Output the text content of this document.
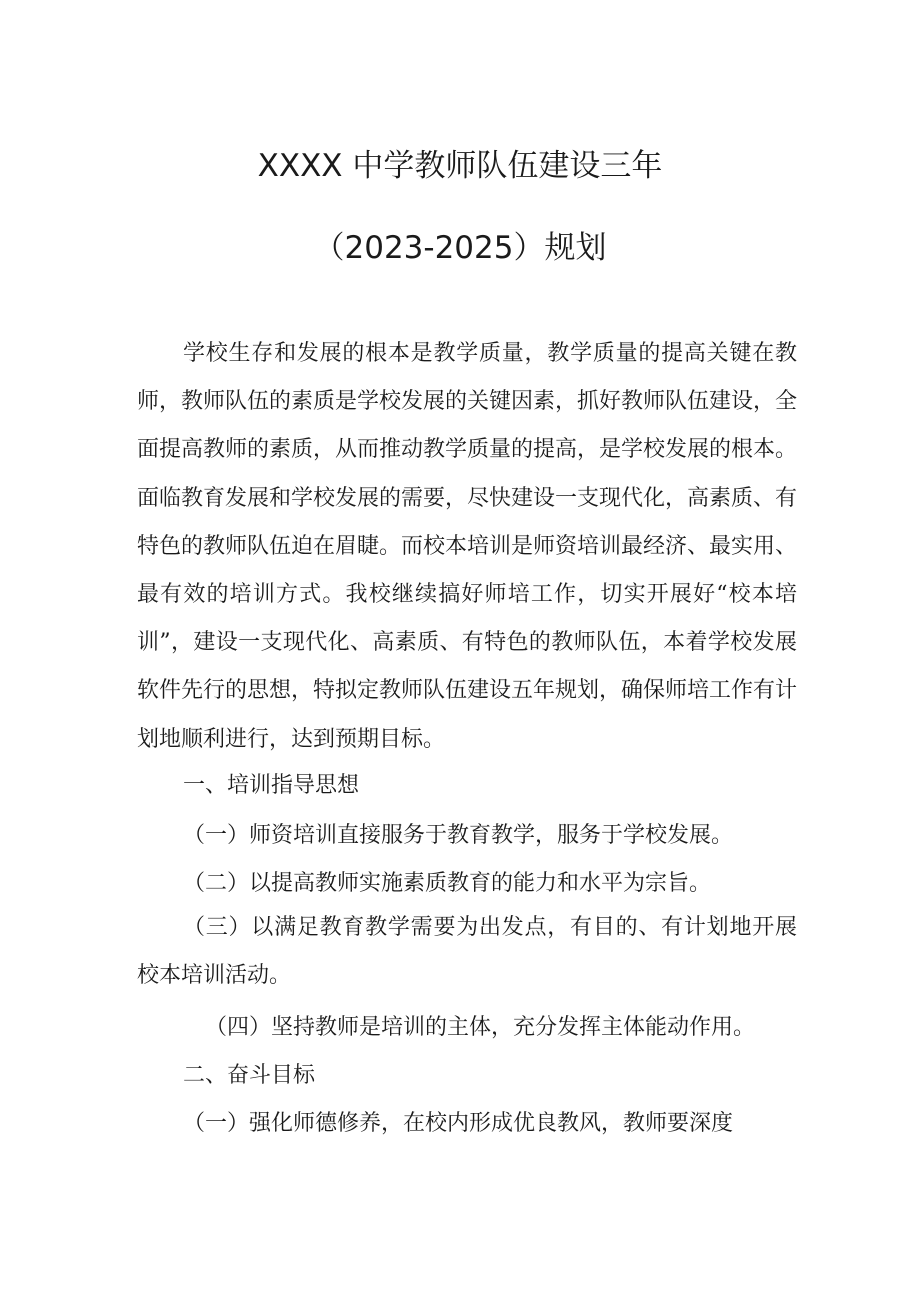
XXXX 中学教师队伍建设三年
（2023-2025）规划

学校生存和发展的根本是教学质量，教学质量的提高关键在教师，教师队伍的素质是学校发展的关键因素，抓好教师队伍建设，全面提高教师的素质，从而推动教学质量的提高，是学校发展的根本。面临教育发展和学校发展的需要，尽快建设一支现代化，高素质、有特色的教师队伍迫在眉睫。而校本培训是师资培训最经济、最实用、最有效的培训方式。我校继续搞好师培工作，切实开展好“校本培训”，建设一支现代化、高素质、有特色的教师队伍，本着学校发展软件先行的思想，特拟定教师队伍建设五年规划，确保师培工作有计划地顺利进行，达到预期目标。

一、培训指导思想

（一）师资培训直接服务于教育教学，服务于学校发展。

（二）以提高教师实施素质教育的能力和水平为宗旨。

（三）以满足教育教学需要为出发点，有目的、有计划地开展校本培训活动。

（四）坚持教师是培训的主体，充分发挥主体能动作用。

二、奋斗目标

（一）强化师德修养，在校内形成优良教风，教师要深度
